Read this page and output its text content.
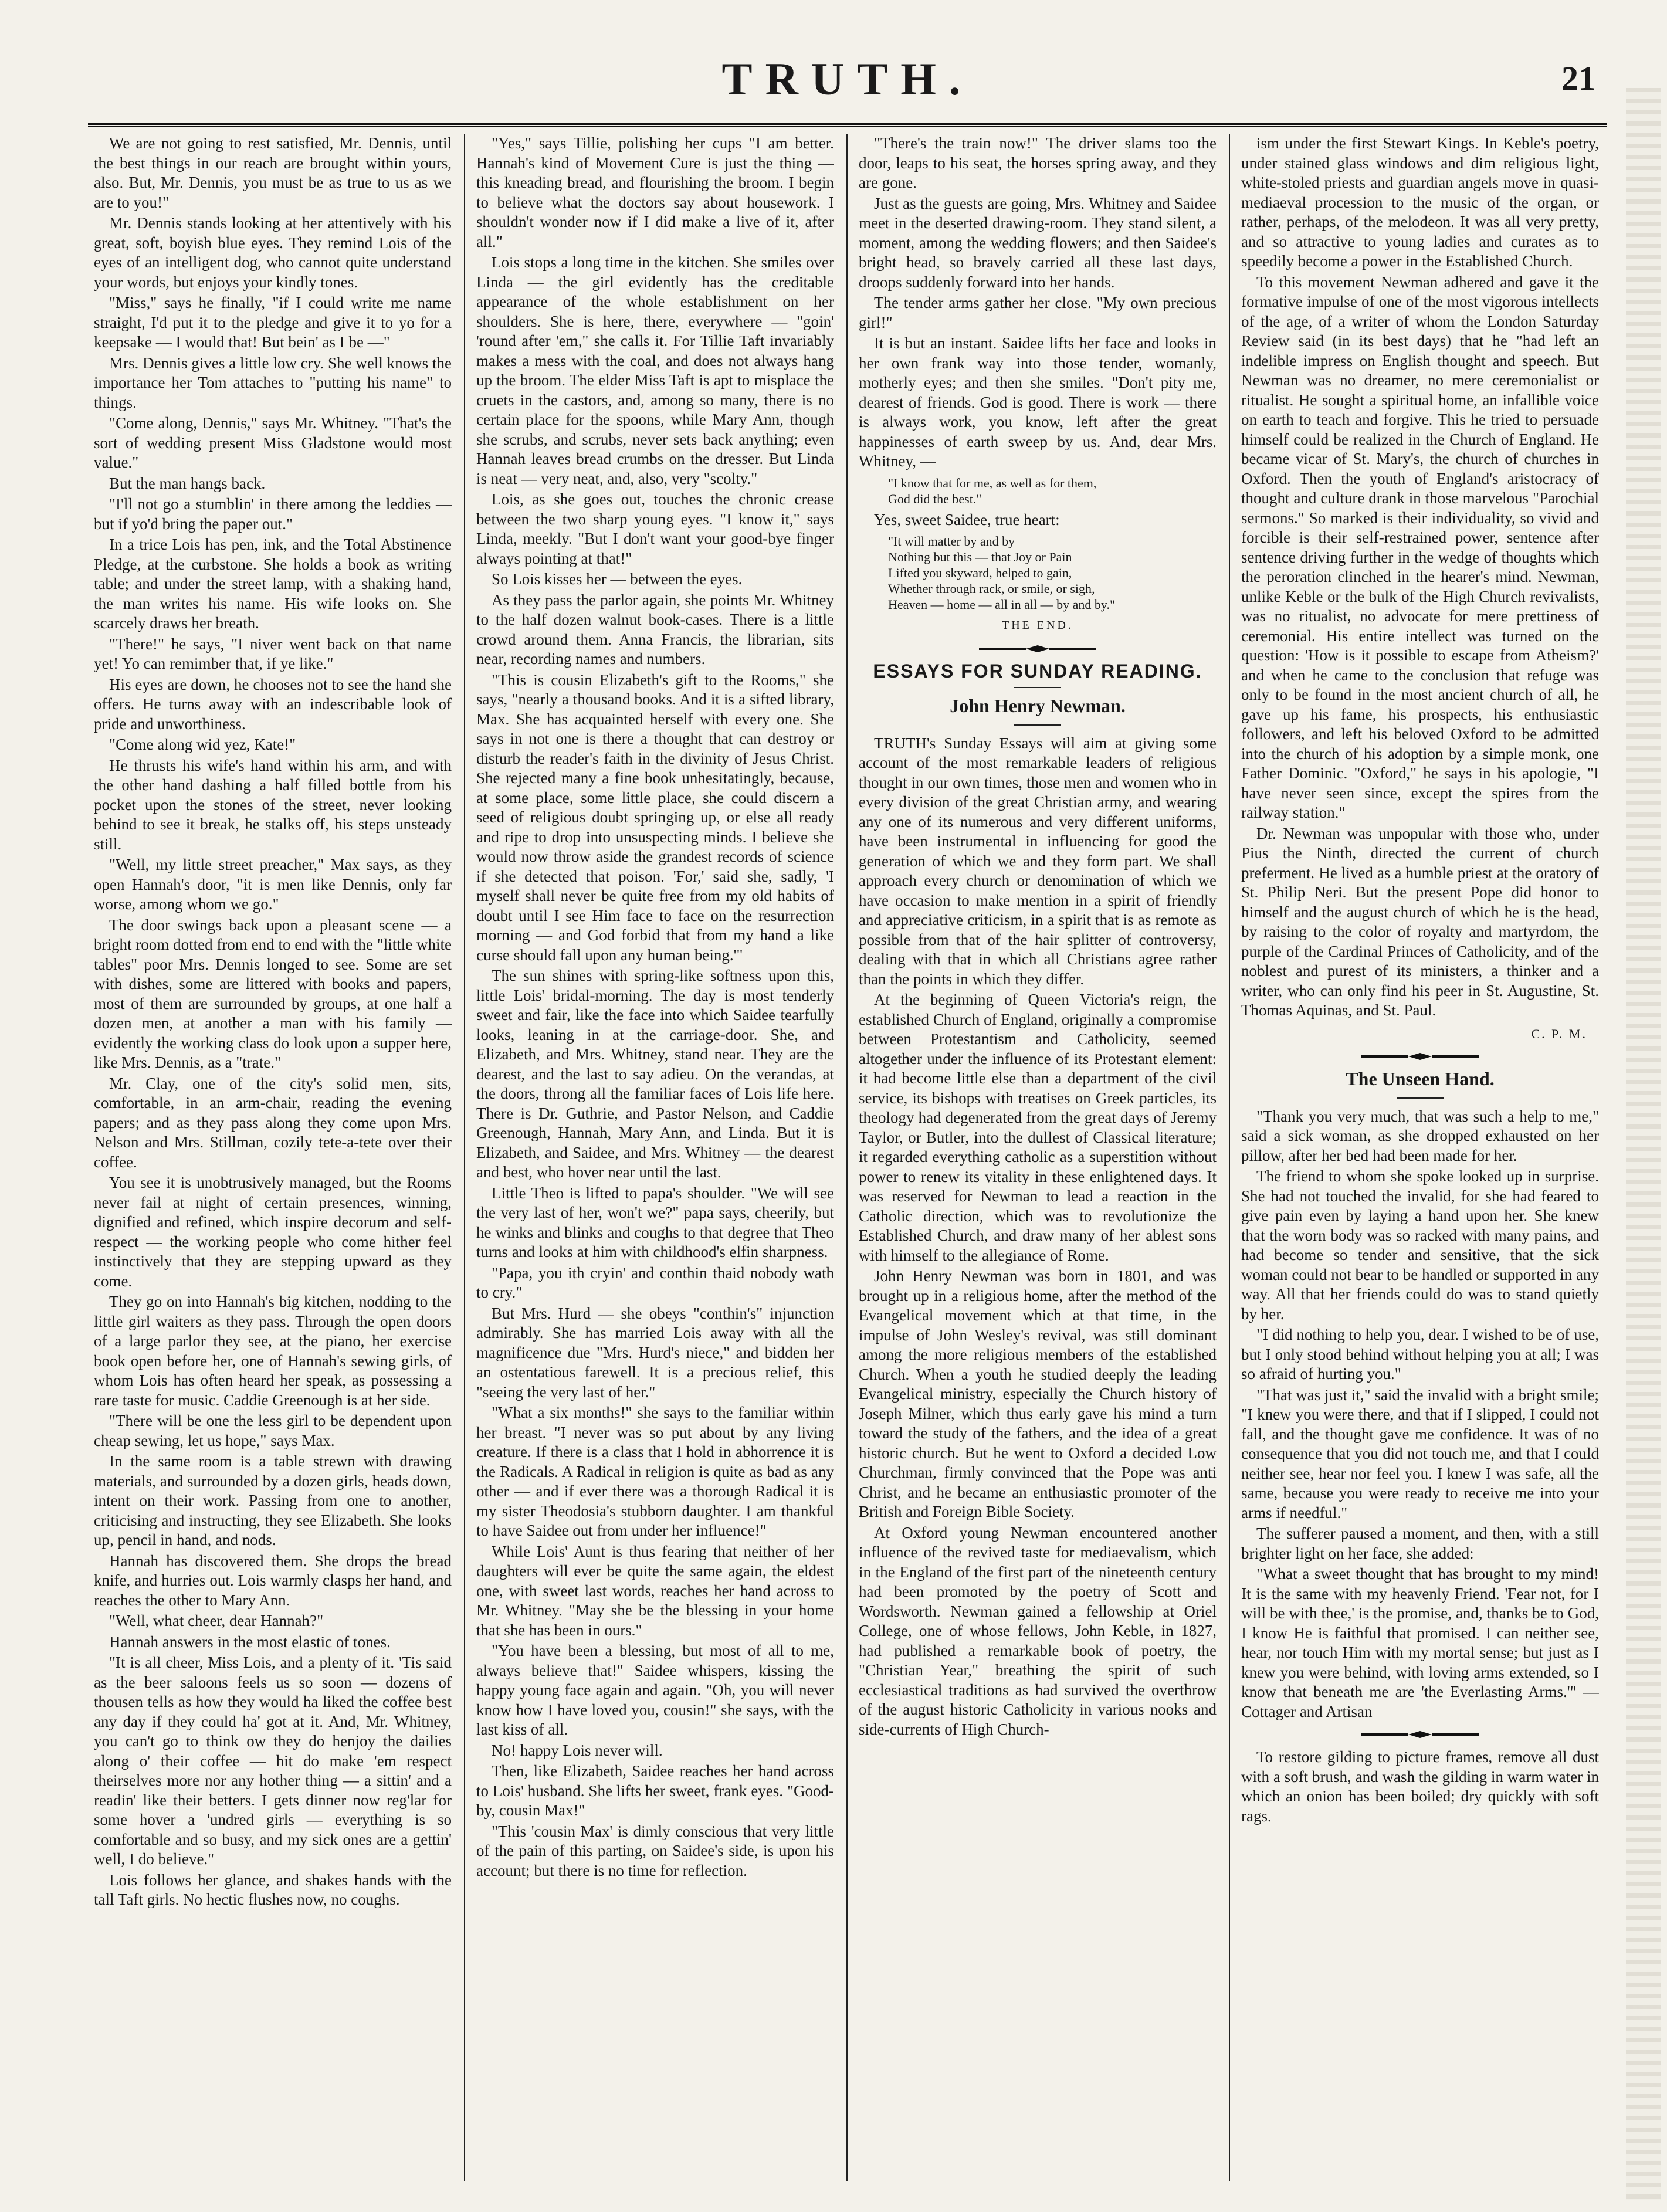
TRUTH.	21

We are not going to rest satisfied, Mr. Dennis, until the best things in our reach are brought within yours, also. But, Mr. Dennis, you must be as true to us as we are to you!"

Mr. Dennis stands looking at her attentively with his great, soft, boyish blue eyes. They remind Lois of the eyes of an intelligent dog, who cannot quite understand your words, but enjoys your kindly tones.

"Miss," says he finally, "if I could write me name straight, I'd put it to the pledge and give it to yo for a keepsake — I would that! But bein' as I be —"

Mrs. Dennis gives a little low cry. She well knows the importance her Tom attaches to "putting his name" to things.

"Come along, Dennis," says Mr. Whitney. "That's the sort of wedding present Miss Gladstone would most value."

But the man hangs back.

"I'll not go a stumblin' in there among the leddies — but if yo'd bring the paper out."

In a trice Lois has pen, ink, and the Total Abstinence Pledge, at the curbstone. She holds a book as writing table; and under the street lamp, with a shaking hand, the man writes his name. His wife looks on. She scarcely draws her breath.

"There!" he says, "I niver went back on that name yet! Yo can remimber that, if ye like."

His eyes are down, he chooses not to see the hand she offers. He turns away with an indescribable look of pride and unworthiness.

"Come along wid yez, Kate!"

He thrusts his wife's hand within his arm, and with the other hand dashing a half filled bottle from his pocket upon the stones of the street, never looking behind to see it break, he stalks off, his steps unsteady still.

"Well, my little street preacher," Max says, as they open Hannah's door, "it is men like Dennis, only far worse, among whom we go."

The door swings back upon a pleasant scene — a bright room dotted from end to end with the "little white tables" poor Mrs. Dennis longed to see. Some are set with dishes, some are littered with books and papers, most of them are surrounded by groups, at one half a dozen men, at another a man with his family — evidently the working class do look upon a supper here, like Mrs. Dennis, as a "trate."

Mr. Clay, one of the city's solid men, sits, comfortable, in an arm-chair, reading the evening papers; and as they pass along they come upon Mrs. Nelson and Mrs. Stillman, cozily tete-a-tete over their coffee.

You see it is unobtrusively managed, but the Rooms never fail at night of certain presences, winning, dignified and refined, which inspire decorum and self-respect — the working people who come hither feel instinctively that they are stepping upward as they come.

They go on into Hannah's big kitchen, nodding to the little girl waiters as they pass. Through the open doors of a large parlor they see, at the piano, her exercise book open before her, one of Hannah's sewing girls, of whom Lois has often heard her speak, as possessing a rare taste for music. Caddie Greenough is at her side.

"There will be one the less girl to be dependent upon cheap sewing, let us hope," says Max.

In the same room is a table strewn with drawing materials, and surrounded by a dozen girls, heads down, intent on their work. Passing from one to another, criticising and instructing, they see Elizabeth. She looks up, pencil in hand, and nods.

Hannah has discovered them. She drops the bread knife, and hurries out. Lois warmly clasps her hand, and reaches the other to Mary Ann.

"Well, what cheer, dear Hannah?"

Hannah answers in the most elastic of tones.

"It is all cheer, Miss Lois, and a plenty of it. 'Tis said as the beer saloons feels us so soon — dozens of thousen tells as how they would ha liked the coffee best any day if they could ha' got at it. And, Mr. Whitney, you can't go to think ow they do henjoy the dailies along o' their coffee — hit do make 'em respect theirselves more nor any hother thing — a sittin' and a readin' like their betters. I gets dinner now reg'lar for some hover a 'undred girls — everything is so comfortable and so busy, and my sick ones are a gettin' well, I do believe."

Lois follows her glance, and shakes hands with the tall Taft girls. No hectic flushes now, no coughs.

"Yes," says Tillie, polishing her cups "I am better. Hannah's kind of Movement Cure is just the thing — this kneading bread, and flourishing the broom. I begin to believe what the doctors say about housework. I shouldn't wonder now if I did make a live of it, after all."

Lois stops a long time in the kitchen. She smiles over Linda — the girl evidently has the creditable appearance of the whole establishment on her shoulders. She is here, there, everywhere — "goin' 'round after 'em," she calls it. For Tillie Taft invariably makes a mess with the coal, and does not always hang up the broom. The elder Miss Taft is apt to misplace the cruets in the castors, and, among so many, there is no certain place for the spoons, while Mary Ann, though she scrubs, and scrubs, never sets back anything; even Hannah leaves bread crumbs on the dresser. But Linda is neat — very neat, and, also, very "scolty."

Lois, as she goes out, touches the chronic crease between the two sharp young eyes. "I know it," says Linda, meekly. "But I don't want your good-bye finger always pointing at that!"

So Lois kisses her — between the eyes.

As they pass the parlor again, she points Mr. Whitney to the half dozen walnut book-cases. There is a little crowd around them. Anna Francis, the librarian, sits near, recording names and numbers.

"This is cousin Elizabeth's gift to the Rooms," she says, "nearly a thousand books. And it is a sifted library, Max. She has acquainted herself with every one. She says in not one is there a thought that can destroy or disturb the reader's faith in the divinity of Jesus Christ. She rejected many a fine book unhesitatingly, because, at some place, some little place, she could discern a seed of religious doubt springing up, or else all ready and ripe to drop into unsuspecting minds. I believe she would now throw aside the grandest records of science if she detected that poison. 'For,' said she, sadly, 'I myself shall never be quite free from my old habits of doubt until I see Him face to face on the resurrection morning — and God forbid that from my hand a like curse should fall upon any human being.'"

The sun shines with spring-like softness upon this, little Lois' bridal-morning. The day is most tenderly sweet and fair, like the face into which Saidee tearfully looks, leaning in at the carriage-door. She, and Elizabeth, and Mrs. Whitney, stand near. They are the dearest, and the last to say adieu. On the verandas, at the doors, throng all the familiar faces of Lois life here. There is Dr. Guthrie, and Pastor Nelson, and Caddie Greenough, Hannah, Mary Ann, and Linda. But it is Elizabeth, and Saidee, and Mrs. Whitney — the dearest and best, who hover near until the last.

Little Theo is lifted to papa's shoulder. "We will see the very last of her, won't we?" papa says, cheerily, but he winks and blinks and coughs to that degree that Theo turns and looks at him with childhood's elfin sharpness.

"Papa, you ith cryin' and conthin thaid nobody wath to cry."

But Mrs. Hurd — she obeys "conthin's" injunction admirably. She has married Lois away with all the magnificence due "Mrs. Hurd's niece," and bidden her an ostentatious farewell. It is a precious relief, this "seeing the very last of her."

"What a six months!" she says to the familiar within her breast. "I never was so put about by any living creature. If there is a class that I hold in abhorrence it is the Radicals. A Radical in religion is quite as bad as any other — and if ever there was a thorough Radical it is my sister Theodosia's stubborn daughter. I am thankful to have Saidee out from under her influence!"

While Lois' Aunt is thus fearing that neither of her daughters will ever be quite the same again, the eldest one, with sweet last words, reaches her hand across to Mr. Whitney. "May she be the blessing in your home that she has been in ours."

"You have been a blessing, but most of all to me, always believe that!" Saidee whispers, kissing the happy young face again and again. "Oh, you will never know how I have loved you, cousin!" she says, with the last kiss of all.

No! happy Lois never will.

Then, like Elizabeth, Saidee reaches her hand across to Lois' husband. She lifts her sweet, frank eyes. "Good-by, cousin Max!"

"This 'cousin Max' is dimly conscious that very little of the pain of this parting, on Saidee's side, is upon his account; but there is no time for reflection.

"There's the train now!" The driver slams too the door, leaps to his seat, the horses spring away, and they are gone.

Just as the guests are going, Mrs. Whitney and Saidee meet in the deserted drawing-room. They stand silent, a moment, among the wedding flowers; and then Saidee's bright head, so bravely carried all these last days, droops suddenly forward into her hands.

The tender arms gather her close. "My own precious girl!"

It is but an instant. Saidee lifts her face and looks in her own frank way into those tender, womanly, motherly eyes; and then she smiles. "Don't pity me, dearest of friends. God is good. There is work — there is always work, you know, left after the great happinesses of earth sweep by us. And, dear Mrs. Whitney, —

"I know that for me, as well as for them,
God did the best."

Yes, sweet Saidee, true heart:

"It will matter by and by
Nothing but this — that Joy or Pain
Lifted you skyward, helped to gain,
Whether through rack, or smile, or sigh,
Heaven — home — all in all — by and by."
THE END.
ESSAYS FOR SUNDAY READING.
John Henry Newman.

TRUTH's Sunday Essays will aim at giving some account of the most remarkable leaders of religious thought in our own times, those men and women who in every division of the great Christian army, and wearing any one of its numerous and very different uniforms, have been instrumental in influencing for good the generation of which we and they form part. We shall approach every church or denomination of which we have occasion to make mention in a spirit of friendly and appreciative criticism, in a spirit that is as remote as possible from that of the hair splitter of controversy, dealing with that in which all Christians agree rather than the points in which they differ.

At the beginning of Queen Victoria's reign, the established Church of England, originally a compromise between Protestantism and Catholicity, seemed altogether under the influence of its Protestant element: it had become little else than a department of the civil service, its bishops with treatises on Greek particles, its theology had degenerated from the great days of Jeremy Taylor, or Butler, into the dullest of Classical literature; it regarded everything catholic as a superstition without power to renew its vitality in these enlightened days. It was reserved for Newman to lead a reaction in the Catholic direction, which was to revolutionize the Established Church, and draw many of her ablest sons with himself to the allegiance of Rome.

John Henry Newman was born in 1801, and was brought up in a religious home, after the method of the Evangelical movement which at that time, in the impulse of John Wesley's revival, was still dominant among the more religious members of the established Church. When a youth he studied deeply the leading Evangelical ministry, especially the Church history of Joseph Milner, which thus early gave his mind a turn toward the study of the fathers, and the idea of a great historic church. But he went to Oxford a decided Low Churchman, firmly convinced that the Pope was anti Christ, and he became an enthusiastic promoter of the British and Foreign Bible Society.

At Oxford young Newman encountered another influence of the revived taste for mediaevalism, which in the England of the first part of the nineteenth century had been promoted by the poetry of Scott and Wordsworth. Newman gained a fellowship at Oriel College, one of whose fellows, John Keble, in 1827, had published a remarkable book of poetry, the "Christian Year," breathing the spirit of such ecclesiastical traditions as had survived the overthrow of the august historic Catholicity in various nooks and side-currents of High Church-

ism under the first Stewart Kings. In Keble's poetry, under stained glass windows and dim religious light, white-stoled priests and guardian angels move in quasi-mediaeval procession to the music of the organ, or rather, perhaps, of the melodeon. It was all very pretty, and so attractive to young ladies and curates as to speedily become a power in the Established Church.

To this movement Newman adhered and gave it the formative impulse of one of the most vigorous intellects of the age, of a writer of whom the London Saturday Review said (in its best days) that he "had left an indelible impress on English thought and speech. But Newman was no dreamer, no mere ceremonialist or ritualist. He sought a spiritual home, an infallible voice on earth to teach and forgive. This he tried to persuade himself could be realized in the Church of England. He became vicar of St. Mary's, the church of churches in Oxford. Then the youth of England's aristocracy of thought and culture drank in those marvelous "Parochial sermons." So marked is their individuality, so vivid and forcible is their self-restrained power, sentence after sentence driving further in the wedge of thoughts which the peroration clinched in the hearer's mind. Newman, unlike Keble or the bulk of the High Church revivalists, was no ritualist, no advocate for mere prettiness of ceremonial. His entire intellect was turned on the question: 'How is it possible to escape from Atheism?' and when he came to the conclusion that refuge was only to be found in the most ancient church of all, he gave up his fame, his prospects, his enthusiastic followers, and left his beloved Oxford to be admitted into the church of his adoption by a simple monk, one Father Dominic. "Oxford," he says in his apologie, "I have never seen since, except the spires from the railway station."

Dr. Newman was unpopular with those who, under Pius the Ninth, directed the current of church preferment. He lived as a humble priest at the oratory of St. Philip Neri. But the present Pope did honor to himself and the august church of which he is the head, by raising to the color of royalty and martyrdom, the purple of the Cardinal Princes of Catholicity, and of the noblest and purest of its ministers, a thinker and a writer, who can only find his peer in St. Augustine, St. Thomas Aquinas, and St. Paul.

C. P. M.
The Unseen Hand.

"Thank you very much, that was such a help to me," said a sick woman, as she dropped exhausted on her pillow, after her bed had been made for her.

The friend to whom she spoke looked up in surprise. She had not touched the invalid, for she had feared to give pain even by laying a hand upon her. She knew that the worn body was so racked with many pains, and had become so tender and sensitive, that the sick woman could not bear to be handled or supported in any way. All that her friends could do was to stand quietly by her.

"I did nothing to help you, dear. I wished to be of use, but I only stood behind without helping you at all; I was so afraid of hurting you."

"That was just it," said the invalid with a bright smile; "I knew you were there, and that if I slipped, I could not fall, and the thought gave me confidence. It was of no consequence that you did not touch me, and that I could neither see, hear nor feel you. I knew I was safe, all the same, because you were ready to receive me into your arms if needful."

The sufferer paused a moment, and then, with a still brighter light on her face, she added:

"What a sweet thought that has brought to my mind! It is the same with my heavenly Friend. 'Fear not, for I will be with thee,' is the promise, and, thanks be to God, I know He is faithful that promised. I can neither see, hear, nor touch Him with my mortal sense; but just as I knew you were behind, with loving arms extended, so I know that beneath me are 'the Everlasting Arms.'" — Cottager and Artisan

To restore gilding to picture frames, remove all dust with a soft brush, and wash the gilding in warm water in which an onion has been boiled; dry quickly with soft rags.
